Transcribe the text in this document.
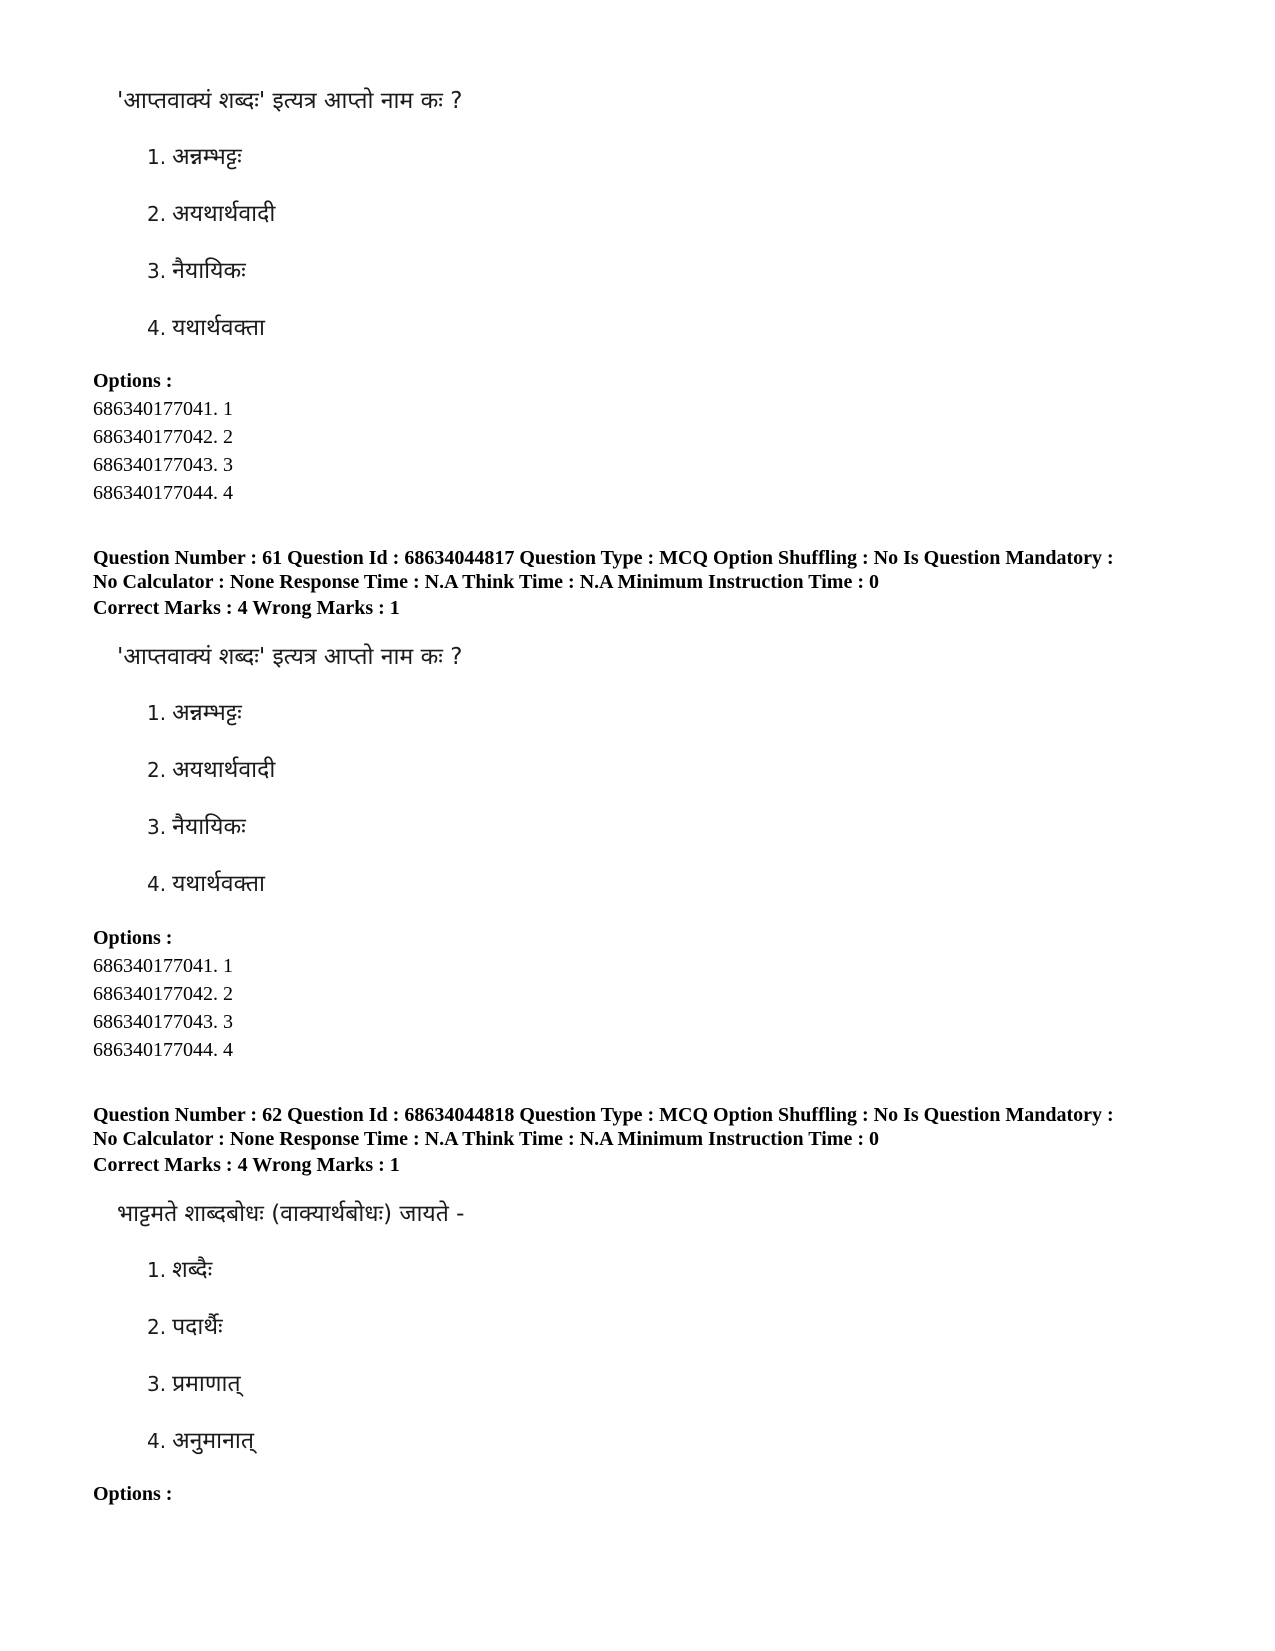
'आप्तवाक्यं शब्दः' इत्यत्र आप्तो नाम कः ?
1. अन्नम्भट्टः
2. अयथार्थवादी
3. नैयायिकः
4. यथार्थवक्ता
Options :
686340177041. 1
686340177042. 2
686340177043. 3
686340177044. 4
Question Number : 61 Question Id : 68634044817 Question Type : MCQ Option Shuffling : No Is Question Mandatory :
No Calculator : None Response Time : N.A Think Time : N.A Minimum Instruction Time : 0
Correct Marks : 4 Wrong Marks : 1
'आप्तवाक्यं शब्दः' इत्यत्र आप्तो नाम कः ?
1. अन्नम्भट्टः
2. अयथार्थवादी
3. नैयायिकः
4. यथार्थवक्ता
Options :
686340177041. 1
686340177042. 2
686340177043. 3
686340177044. 4
Question Number : 62 Question Id : 68634044818 Question Type : MCQ Option Shuffling : No Is Question Mandatory :
No Calculator : None Response Time : N.A Think Time : N.A Minimum Instruction Time : 0
Correct Marks : 4 Wrong Marks : 1
भाट्टमते शाब्दबोधः (वाक्यार्थबोधः) जायते -
1. शब्दैः
2. पदार्थैः
3. प्रमाणात्
4. अनुमानात्
Options :
